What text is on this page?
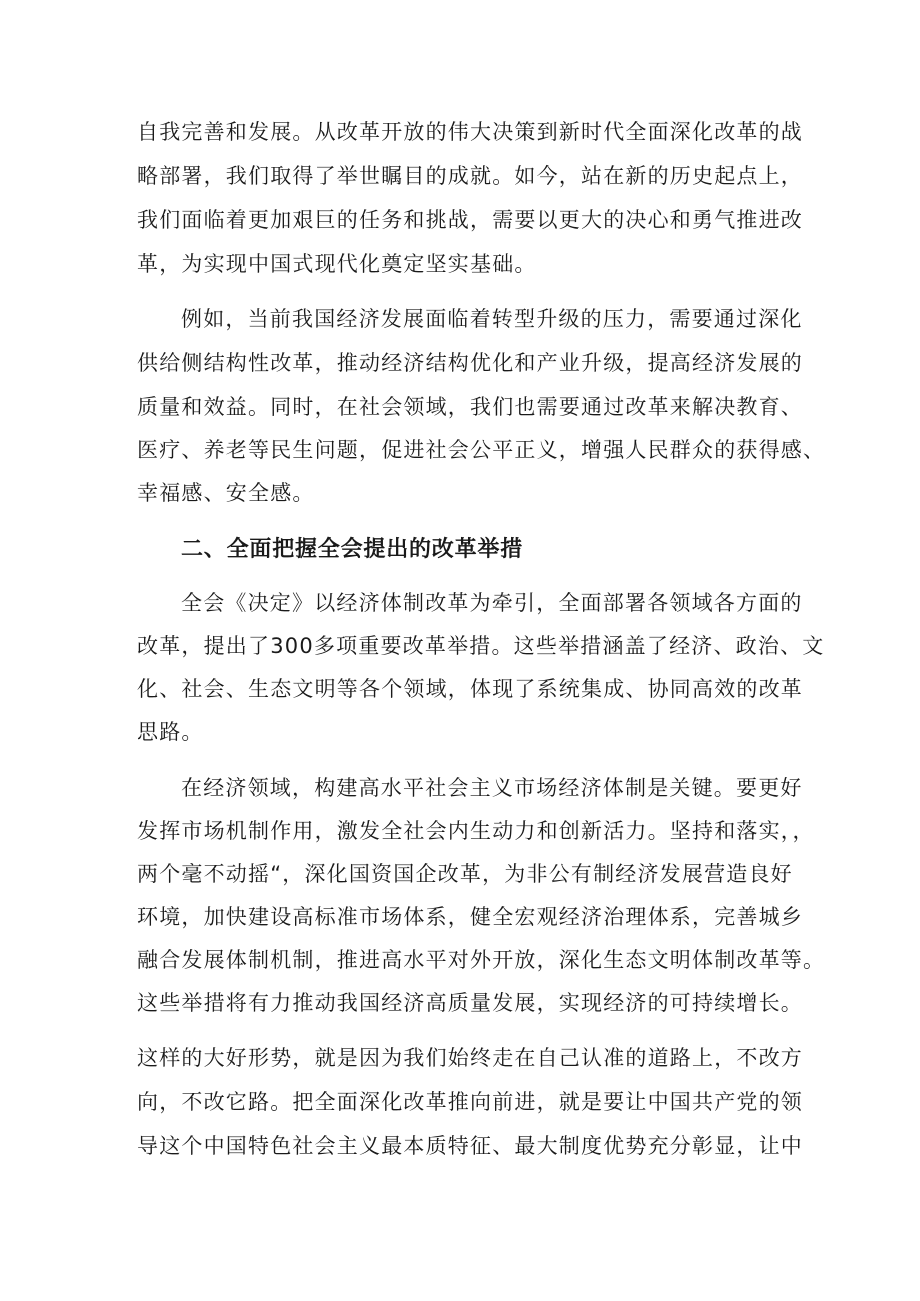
自我完善和发展。从改革开放的伟大决策到新时代全面深化改革的战
略部署，我们取得了举世瞩目的成就。如今，站在新的历史起点上，
我们面临着更加艰巨的任务和挑战，需要以更大的决心和勇气推进改
革，为实现中国式现代化奠定坚实基础。
例如，当前我国经济发展面临着转型升级的压力，需要通过深化
供给侧结构性改革，推动经济结构优化和产业升级，提高经济发展的
质量和效益。同时，在社会领域，我们也需要通过改革来解决教育、
医疗、养老等民生问题，促进社会公平正义，增强人民群众的获得感、
幸福感、安全感。
二、全面把握全会提出的改革举措
全会《决定》以经济体制改革为牵引，全面部署各领域各方面的
改革，提出了300多项重要改革举措。这些举措涵盖了经济、政治、文
化、社会、生态文明等各个领域，体现了系统集成、协同高效的改革
思路。
在经济领域，构建高水平社会主义市场经济体制是关键。要更好
发挥市场机制作用，激发全社会内生动力和创新活力。坚持和落实，，
两个毫不动摇“，深化国资国企改革，为非公有制经济发展营造良好
环境，加快建设高标准市场体系，健全宏观经济治理体系，完善城乡
融合发展体制机制，推进高水平对外开放，深化生态文明体制改革等。
这些举措将有力推动我国经济高质量发展，实现经济的可持续增长。
这样的大好形势，就是因为我们始终走在自己认准的道路上，不改方
向，不改它路。把全面深化改革推向前进，就是要让中国共产党的领
导这个中国特色社会主义最本质特征、最大制度优势充分彰显，让中
